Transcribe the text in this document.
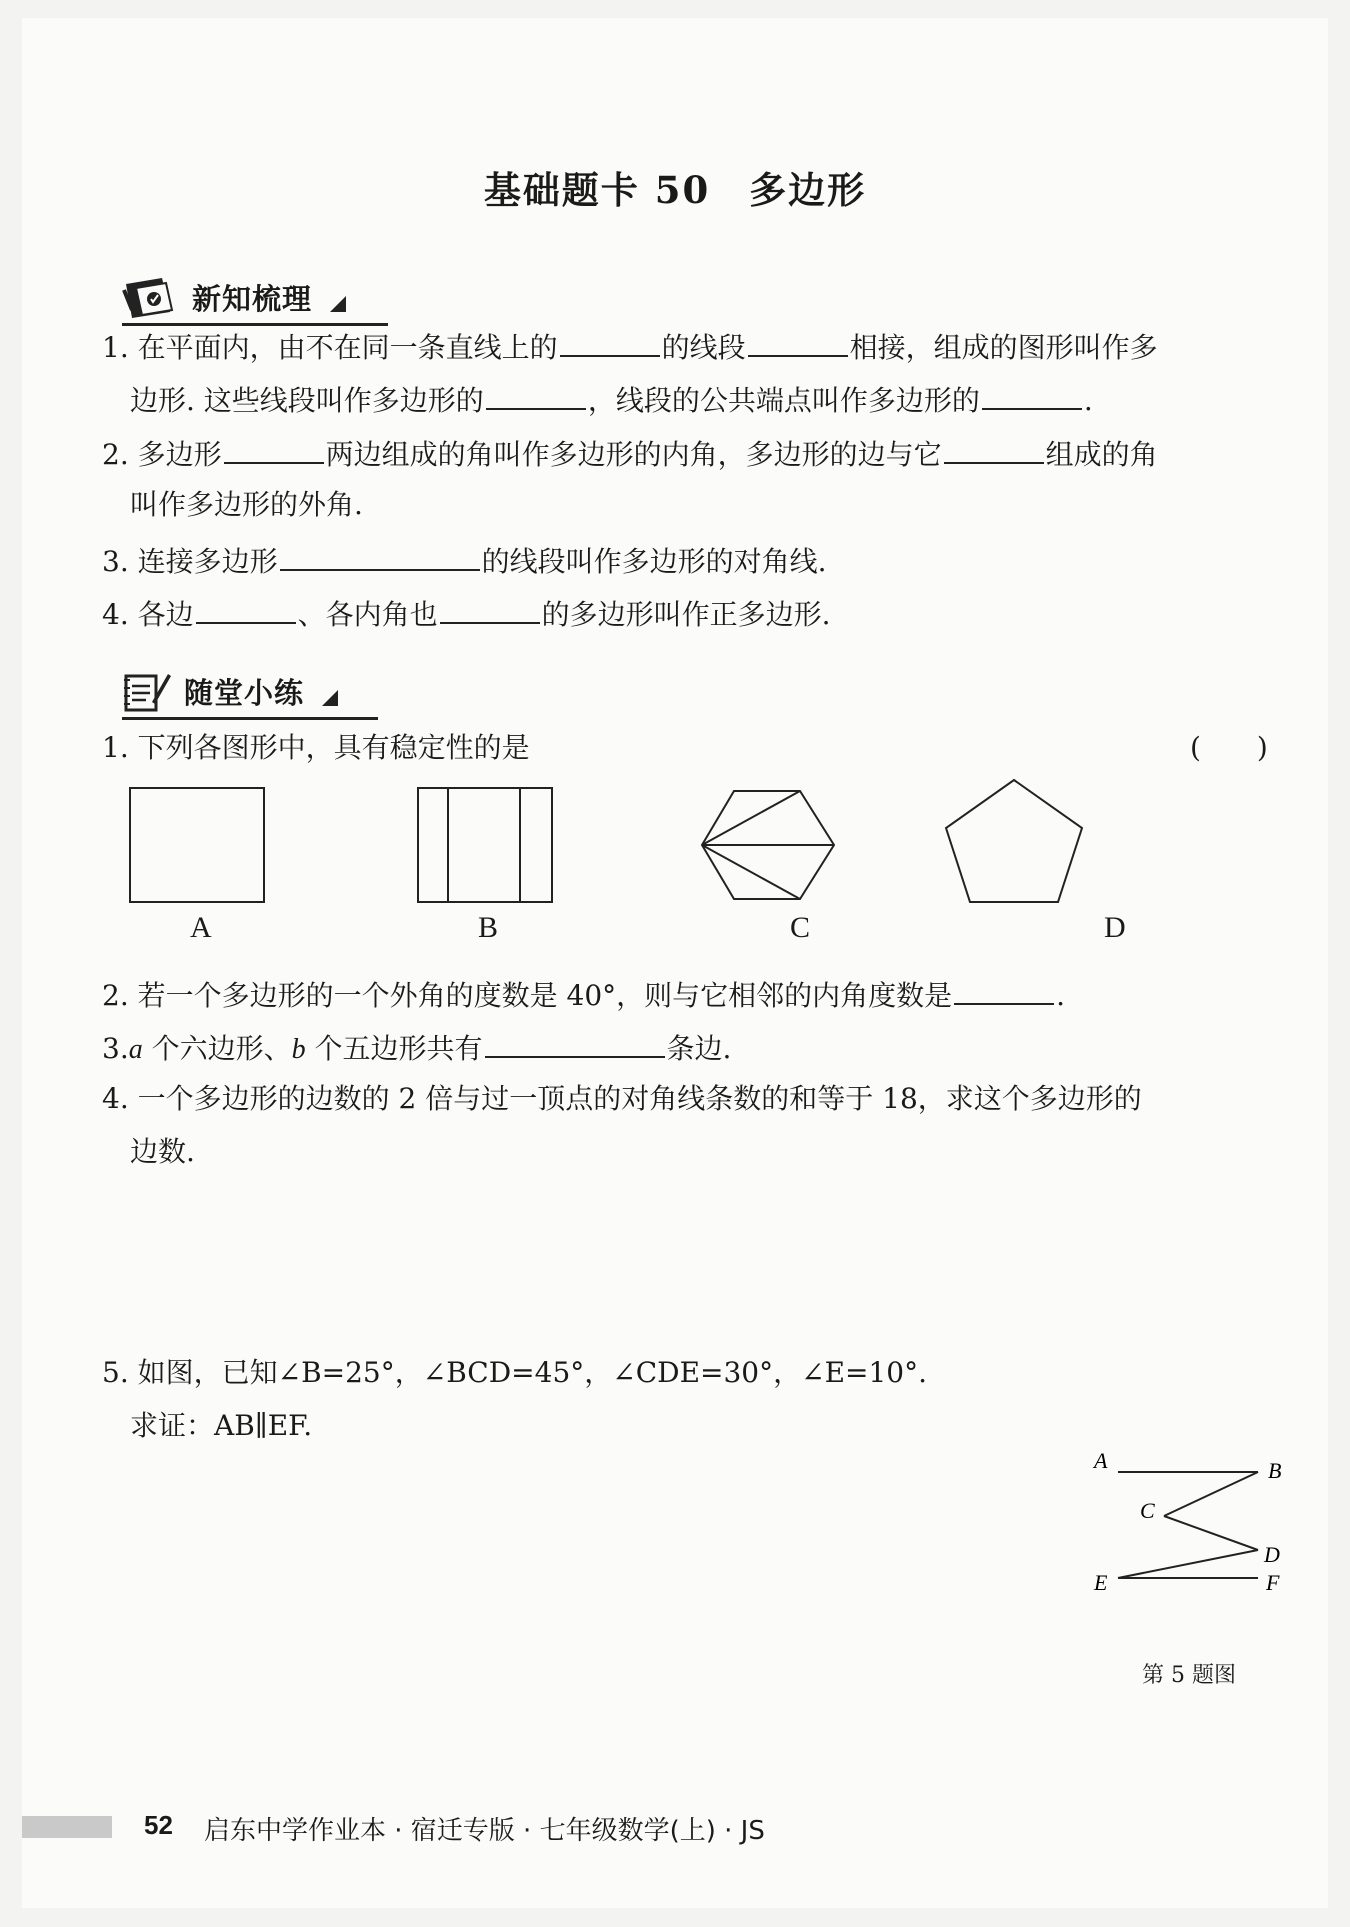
基础题卡 50　多边形
新知梳理
1. 在平面内，由不在同一条直线上的	的线段	相接，组成的图形叫作多
边形. 这些线段叫作多边形的	，线段的公共端点叫作多边形的	.
2. 多边形	两边组成的角叫作多边形的内角，多边形的边与它	组成的角
叫作多边形的外角.
3. 连接多边形	的线段叫作多边形的对角线.
4. 各边	、各内角也	的多边形叫作正多边形.
随堂小练
1. 下列各图形中，具有稳定性的是	(　　)
A	B	C	D
2. 若一个多边形的一个外角的度数是 40°，则与它相邻的内角度数是	.
3.a 个六边形、b 个五边形共有	条边.
4. 一个多边形的边数的 2 倍与过一顶点的对角线条数的和等于 18，求这个多边形的
边数.
5. 如图，已知∠B=25°，∠BCD=45°，∠CDE=30°，∠E=10°.
求证：AB∥EF.
A	B
C
D
E	F
第 5 题图
52 启东中学作业本 · 宿迁专版 · 七年级数学(上) · JS
